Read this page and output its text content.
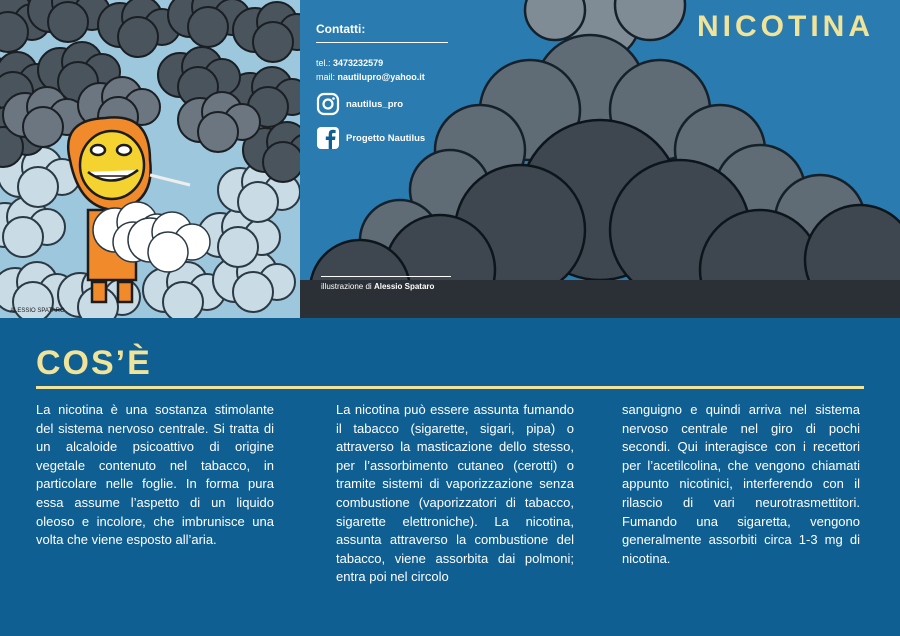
ALESSIO SPATARO
NICOTINA
Contatti:
tel.: 3473232579
mail: nautilupro@yahoo.it
nautilus_pro
Progetto Nautilus
illustrazione di Alessio Spataro
COS’È
La nicotina è una sostanza stimolante del sistema nervoso centrale. Si tratta di un alcaloide psicoattivo di origine vegetale contenuto nel tabacco, in particolare nelle foglie. In forma pura essa assume l’aspetto di un liquido oleoso e incolore, che imbrunisce una volta che viene esposto all’aria.
La nicotina può essere assunta fumando il tabacco (sigarette, sigari, pipa) o attraverso la masticazione dello stesso, per l’assorbimento cutaneo (cerotti) o tramite sistemi di vaporizzazione senza combustione (vaporizzatori di tabacco, sigarette elettroniche). La nicotina, assunta attraverso la combustione del tabacco, viene assorbita dai polmoni; entra poi nel circolo
sanguigno e quindi arriva nel sistema nervoso centrale nel giro di pochi secondi. Qui interagisce con i recettori per l’acetilcolina, che vengono chiamati appunto nicotinici, interferendo con il rilascio di vari neurotrasmettitori. Fumando una sigaretta, vengono generalmente assorbiti circa 1-3 mg di nicotina.
